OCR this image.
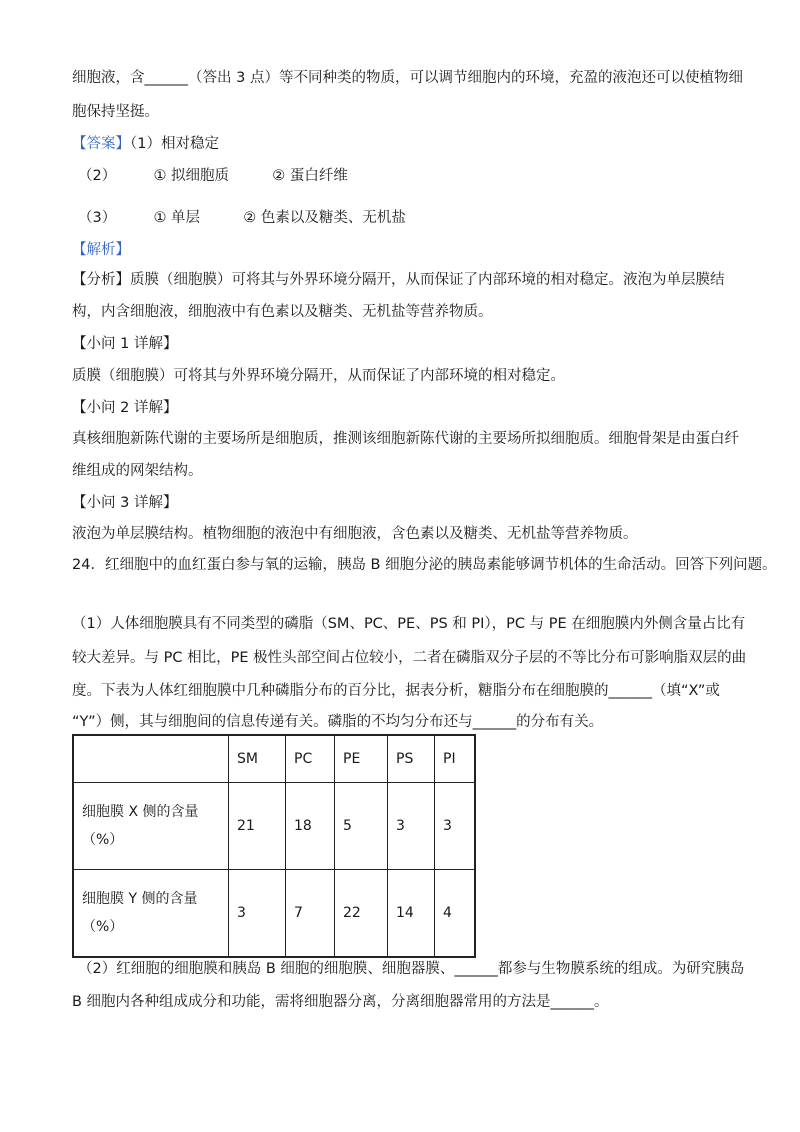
细胞液，含______（答出 3 点）等不同种类的物质，可以调节细胞内的环境，充盈的液泡还可以使植物细
胞保持坚挺。
【答案】（1）相对稳定
（2）	① 拟细胞质	② 蛋白纤维
（3）	① 单层	② 色素以及糖类、无机盐
【解析】
【分析】质膜（细胞膜）可将其与外界环境分隔开，从而保证了内部环境的相对稳定。液泡为单层膜结
构，内含细胞液，细胞液中有色素以及糖类、无机盐等营养物质。
【小问 1 详解】
质膜（细胞膜）可将其与外界环境分隔开，从而保证了内部环境的相对稳定。
【小问 2 详解】
真核细胞新陈代谢的主要场所是细胞质，推测该细胞新陈代谢的主要场所拟细胞质。细胞骨架是由蛋白纤
维组成的网架结构。
【小问 3 详解】
液泡为单层膜结构。植物细胞的液泡中有细胞液，含色素以及糖类、无机盐等营养物质。
24．红细胞中的血红蛋白参与氧的运输，胰岛 B 细胞分泌的胰岛素能够调节机体的生命活动。回答下列问题。
（1）人体细胞膜具有不同类型的磷脂（SM、PC、PE、PS 和 PI），PC 与 PE 在细胞膜内外侧含量占比有
较大差异。与 PC 相比，PE 极性头部空间占位较小，二者在磷脂双分子层的不等比分布可影响脂双层的曲
度。下表为人体红细胞膜中几种磷脂分布的百分比，据表分析，糖脂分布在细胞膜的______（填“X”或
“Y”）侧，其与细胞间的信息传递有关。磷脂的不均匀分布还与______的分布有关。
	SM	PC	PE	PS	PI

细胞膜 X 侧的含量
（%）	21	18	5	3	3

细胞膜 Y 侧的含量
（%）	3	7	22	14	4
（2）红细胞的细胞膜和胰岛 B 细胞的细胞膜、细胞器膜、______都参与生物膜系统的组成。为研究胰岛
B 细胞内各种组成成分和功能，需将细胞器分离，分离细胞器常用的方法是______。
